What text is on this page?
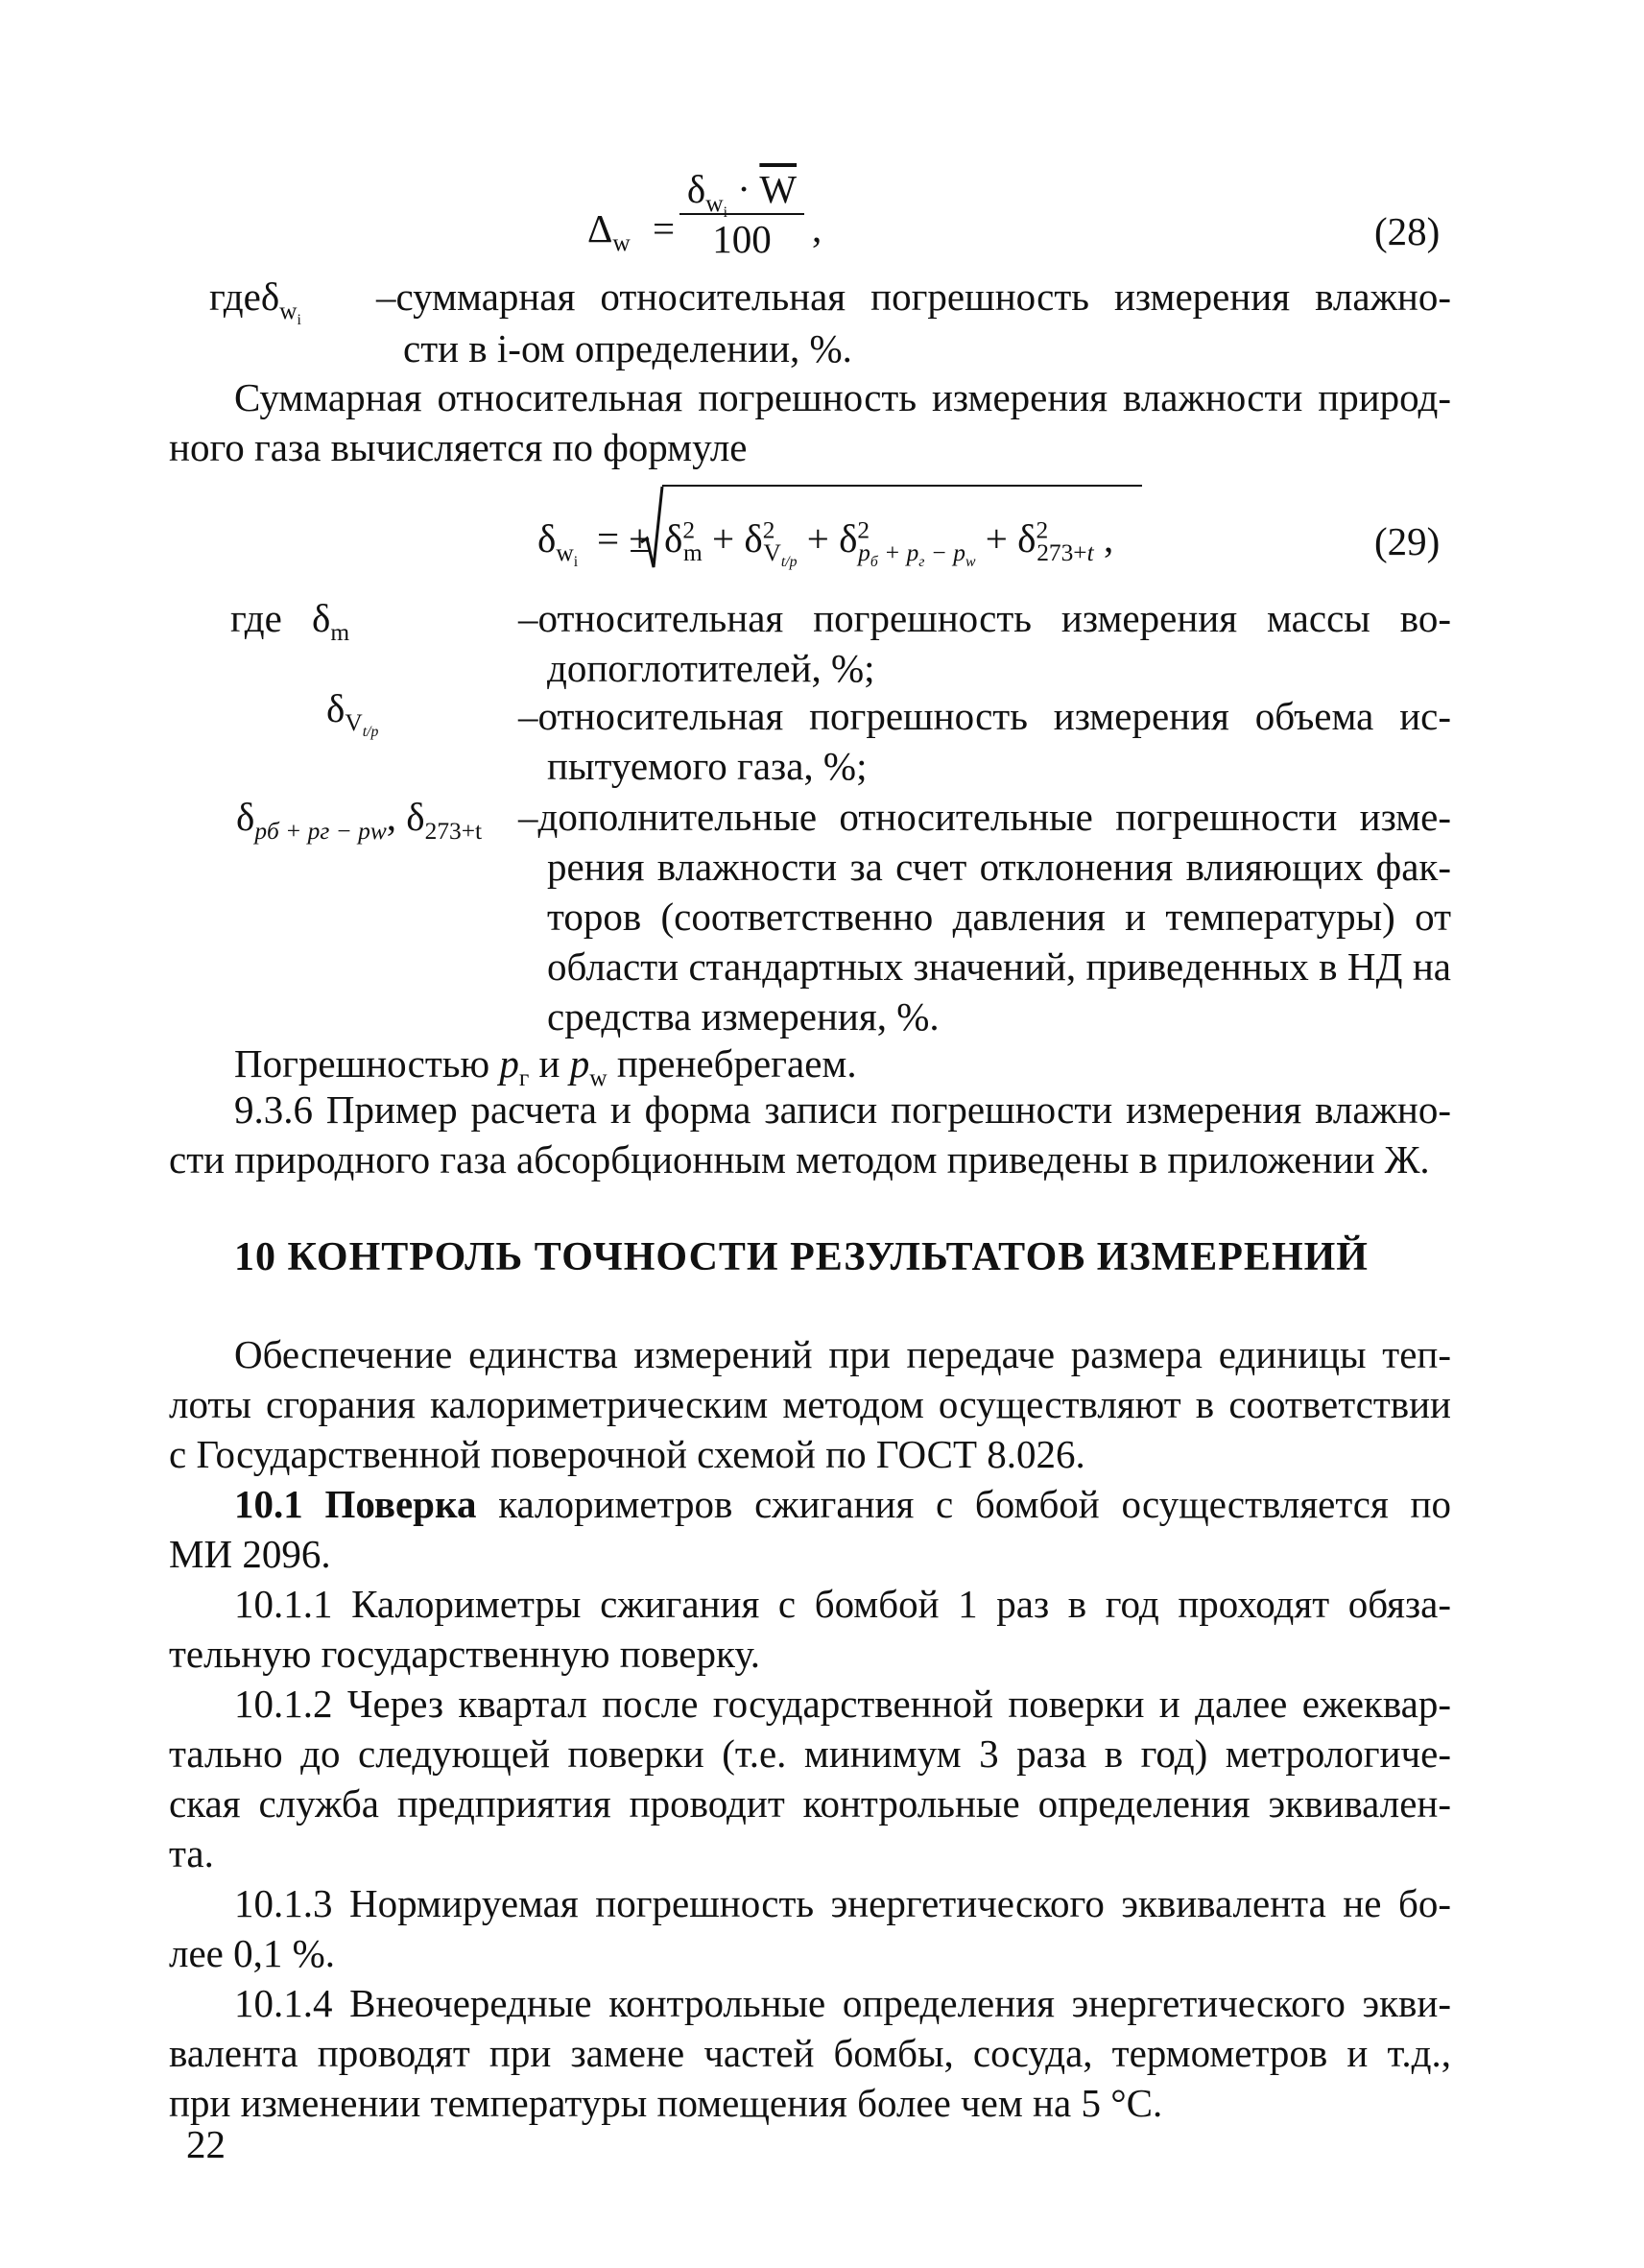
$\Delta_w$ =
$\delta_{w_i} \cdot \overline{W}$
100	,	(28)
гдеδ$_{w_i}$
–суммарная относительная погрешность измерения влажно-
сти в i-ом определении, %.
Суммарная относительная погрешность измерения влажности природ-
ного газа вычисляется по формуле
$\delta_{w_i}$
= ± $\delta^2_m + \delta^2_{V_{t/p}} + \delta^2_{p_б + p_г - p_w} + \delta^2_{273+t}$ ,	(29)
где $\delta_m$	–относительная погрешность измерения массы во-
допоглотителей, %;
$\delta_{V_{t/p}}$	–относительная погрешность измерения объема ис-
пытуемого газа, %;
$\delta_{pб + pг - pw}$, $\delta_{273+t}$ –дополнительные относительные погрешности изме-
рения влажности за счет отклонения влияющих фак-
торов (соответственно давления и температуры) от
области стандартных значений, приведенных в НД на
средства измерения, %.
Погрешностью $p_г$ и $p_w$ пренебрегаем.
9.3.6 Пример расчета и форма записи погрешности измерения влажно-
сти природного газа абсорбционным методом приведены в приложении Ж.
10 КОНТРОЛЬ ТОЧНОСТИ РЕЗУЛЬТАТОВ ИЗМЕРЕНИЙ
Обеспечение единства измерений при передаче размера единицы теп-
лоты сгорания калориметрическим методом осуществляют в соответствии
с Государственной поверочной схемой по ГОСТ 8.026.
10.1 Поверка калориметров сжигания с бомбой осуществляется по
МИ 2096.
10.1.1 Калориметры сжигания с бомбой 1 раз в год проходят обяза-
тельную государственную поверку.
10.1.2 Через квартал после государственной поверки и далее ежеквар-
тально до следующей поверки (т.е. минимум 3 раза в год) метрологиче-
ская служба предприятия проводит контрольные определения эквивален-
та.
10.1.3 Нормируемая погрешность энергетического эквивалента не бо-
лее 0,1 %.
10.1.4 Внеочередные контрольные определения энергетического экви-
валента проводят при замене частей бомбы, сосуда, термометров и т.д.,
при изменении температуры помещения более чем на 5 °С.
22
